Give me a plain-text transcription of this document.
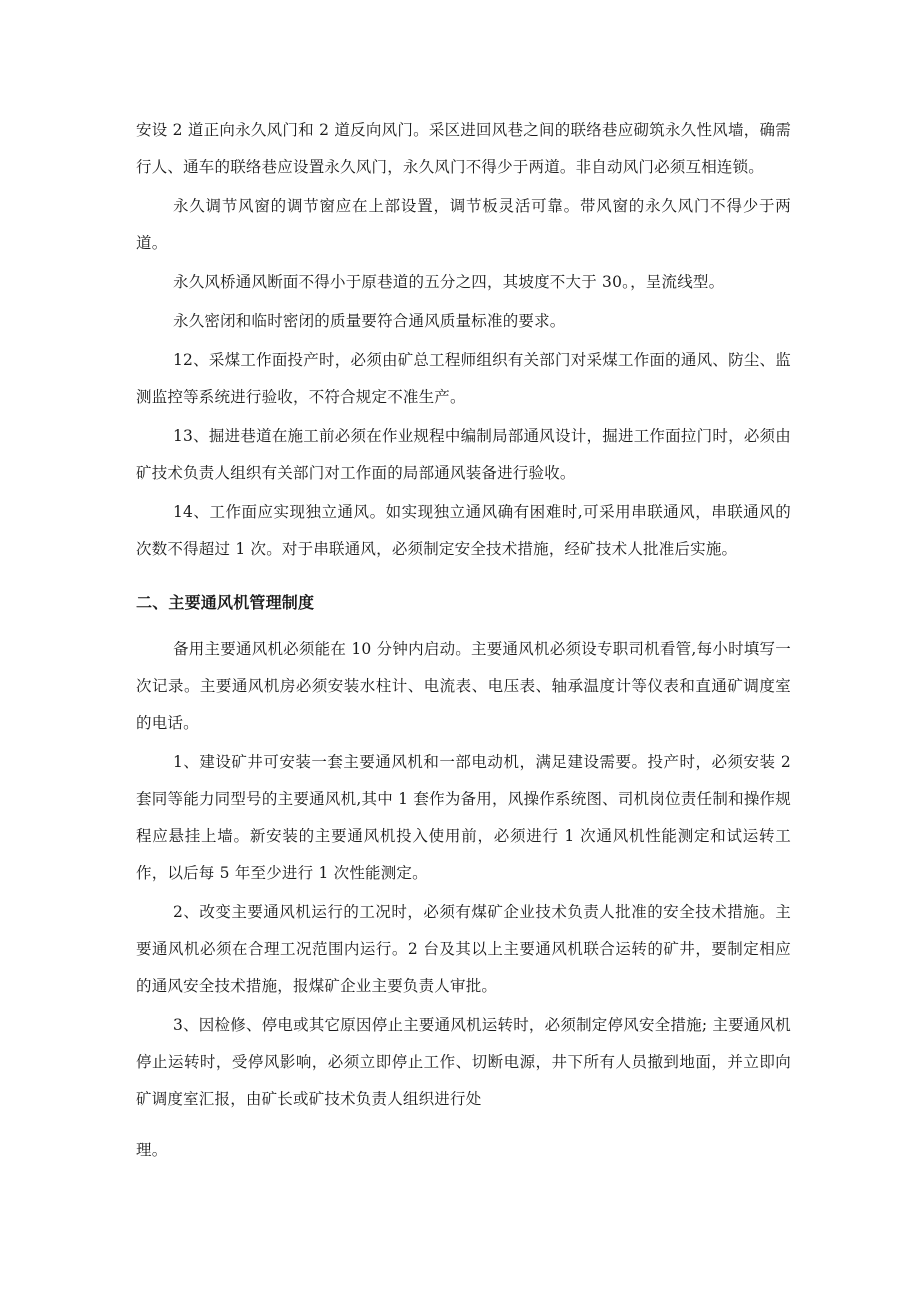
安设 2 道正向永久风门和 2 道反向风门。采区进回风巷之间的联络巷应砌筑永久性风墙，确需行人、通车的联络巷应设置永久风门，永久风门不得少于两道。非自动风门必须互相连锁。

永久调节风窗的调节窗应在上部设置，调节板灵活可靠。带风窗的永久风门不得少于两道。

永久风桥通风断面不得小于原巷道的五分之四，其坡度不大于 30。，呈流线型。

永久密闭和临时密闭的质量要符合通风质量标准的要求。

12、采煤工作面投产时，必须由矿总工程师组织有关部门对采煤工作面的通风、防尘、监测监控等系统进行验收，不符合规定不准生产。

13、掘进巷道在施工前必须在作业规程中编制局部通风设计，掘进工作面拉门时，必须由矿技术负责人组织有关部门对工作面的局部通风装备进行验收。

14、工作面应实现独立通风。如实现独立通风确有困难时,可采用串联通风，串联通风的次数不得超过 1 次。对于串联通风，必须制定安全技术措施，经矿技术人批准后实施。

二、主要通风机管理制度

备用主要通风机必须能在 10 分钟内启动。主要通风机必须设专职司机看管,每小时填写一次记录。主要通风机房必须安装水柱计、电流表、电压表、轴承温度计等仪表和直通矿调度室的电话。

1、建设矿井可安装一套主要通风机和一部电动机，满足建设需要。投产时，必须安装 2 套同等能力同型号的主要通风机,其中 1 套作为备用，风操作系统图、司机岗位责任制和操作规程应悬挂上墙。新安装的主要通风机投入使用前，必须进行 1 次通风机性能测定和试运转工作，以后每 5 年至少进行 1 次性能测定。

2、改变主要通风机运行的工况时，必须有煤矿企业技术负责人批准的安全技术措施。主要通风机必须在合理工况范围内运行。2 台及其以上主要通风机联合运转的矿井，要制定相应的通风安全技术措施，报煤矿企业主要负责人审批。

3、因检修、停电或其它原因停止主要通风机运转时，必须制定停风安全措施; 主要通风机停止运转时，受停风影响，必须立即停止工作、切断电源，井下所有人员撤到地面，并立即向矿调度室汇报，由矿长或矿技术负责人组织进行处

理。
